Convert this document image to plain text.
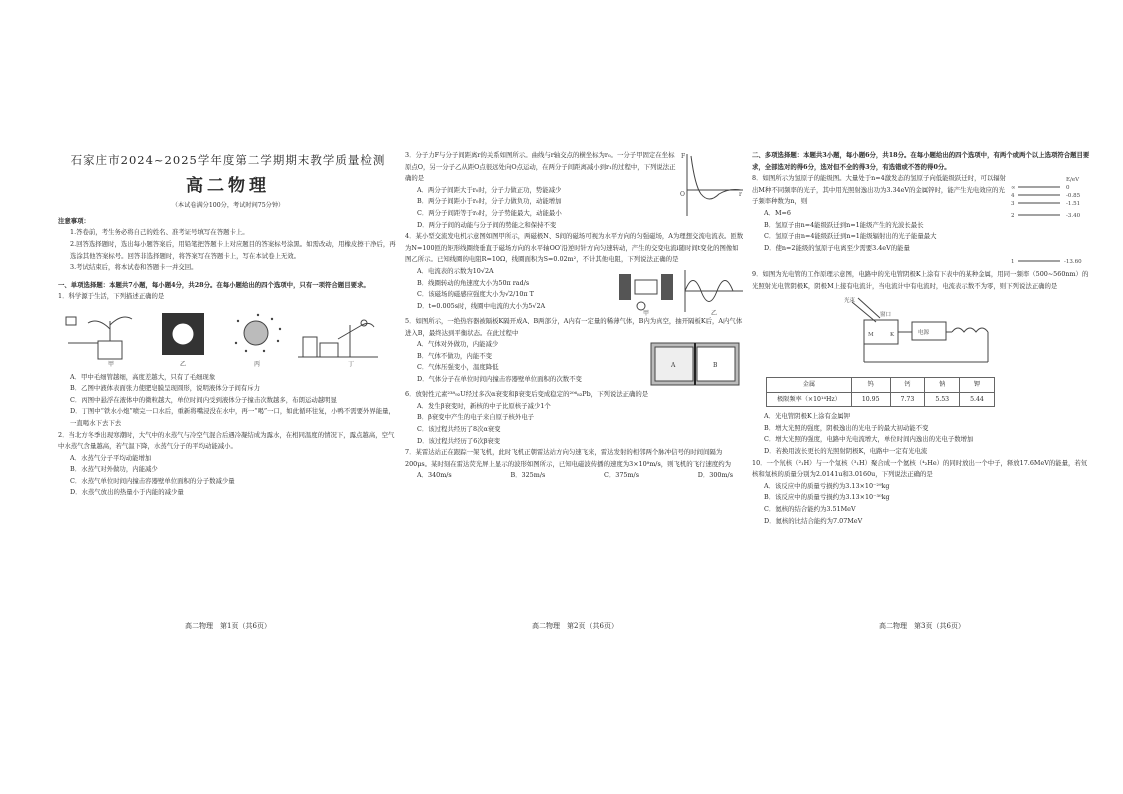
石家庄市2024~2025学年度第二学期期末教学质量检测
高二物理
（本试卷满分100分，考试时间75分钟）
注意事项：
1.答卷前，考生务必将自己的姓名、准考证号填写在答题卡上。
2.回答选择题时，选出每小题答案后，用铅笔把答题卡上对应题目的答案标号涂黑。如需改动，用橡皮擦干净后，再选涂其他答案标号。回答非选择题时，将答案写在答题卡上，写在本试卷上无效。
3.考试结束后，将本试卷和答题卡一并交回。
一、单项选择题：本题共7小题，每小题4分，共28分。在每小题给出的四个选项中，只有一项符合题目要求。
1．科学源于生活，下列描述正确的是
甲	乙	丙	丁
A．甲中毛细管越细，高度差越大，只有了毛细现象
B．乙图中液体表面张力使肥皂膜呈现圆形，说明液体分子间有斥力
C．丙图中悬浮在液体中的微粒越大，单位时间内受到液体分子撞击次数越多，布朗运动越明显
D．丁图中“铁水小炮”喷完一口水后，重新将嘴浸没在水中，再一“喝”一口，如此循环往复，小鸭不需要外界能量，一直喝水下去下去
2．当北方冬季出现寒潮时，大气中的水蒸气与冷空气混合后遇冷凝结成为露水，在相同温度的情况下，露点越高，空气中水蒸气含量越高，若气温下降，水蒸气分子的平均动能减小。
A．水蒸气分子平均动能增加
B．水蒸气对外做功，内能减少
C．水蒸气单位时间内撞击容器壁单位面积的分子数减少量
D．水蒸气放出的热量小于内能的减少量
高二物理　第1页（共6页）
3．分子力F与分子间距离r的关系如图所示。曲线与r轴交点的横坐标为r₀。一分子甲固定在坐标原点O，另一分子乙从距O点很远处向O点运动，在两分子间距离减小到r₁的过程中，下列说法正确的是
A．两分子间距大于r₀时，分子力做正功，势能减少
B．两分子间距小于r₀时，分子力做负功，动能增加
C．两分子间距等于r₀时，分子势能最大，动能最小
D．两分子间的动能与分子间的势能之和保持不变
F
O	r
4．某小型交流发电机示意图如图甲所示，两磁极N、S间的磁场可视为水平方向的匀强磁场，A为理想交流电流表。匝数为N=100匝的矩形线圈绕垂直于磁场方向的水平轴OO′沿逆时针方向匀速转动，产生的交变电流i随时间t变化的图像如图乙所示。已知线圈的电阻R=10Ω，线圈面积为S=0.02m²，不计其他电阻，下列说法正确的是
A．电流表的示数为10√2A
B．线圈转动的角速度大小为50π rad/s
C．该磁场的磁感应强度大小为√2/10π T
D．t=0.005s时，线圈中电流的大小为5√2A
甲	乙
5．如图所示，一绝热容器被隔板K隔开成A、B两部分，A内有一定量的稀薄气体，B内为真空，抽开隔板K后，A内气体进入B，最终达到平衡状态。在此过程中
A．气体对外做功，内能减少
B．气体不做功，内能不变
C．气体压强变小，温度降低
D．气体分子在单位时间内撞击容器壁单位面积的次数不变
A	B
6．放射性元素²³⁸₉₂U经过多次α衰变和β衰变后变成稳定的²⁰⁶₈₂Pb，下列说法正确的是
A．发生β衰变时，新核的中子比原核子减少1个
B．β衰变中产生的电子来自原子核外电子
C．该过程共经历了8次α衰变
D．该过程共经历了6次β衰变
7．某雷达站正在跟踪一架飞机，此时飞机正朝雷达站方向匀速飞来，雷达发射的相邻两个脉冲信号的时间间隔为200μs。某时刻在雷达荧光屏上显示的波形如图所示，已知电磁波传播的速度为3×10⁸m/s，则飞机的飞行速度约为
A．340m/s	B．325m/s	C．375m/s	D．300m/s
高二物理　第2页（共6页）
二、多项选择题：本题共3小题，每小题6分，共18分。在每小题给出的四个选项中，有两个或两个以上选项符合题目要求，全部选对的得6分，选对但不全的得3分，有选错或不答的得0分。
8．如图所示为氢原子的能级图。大量处于n=4激发态的氢原子向低能级跃迁时，可以辐射出M种不同频率的光子，其中用光照射逸出功为3.34eV的金属锌时，能产生光电效应的光子频率种数为n，则
A．M=6
B．氢原子由n=4能级跃迁到n=1能级产生的光波长最长
C．氢原子由n=4能级跃迁到n=1能级辐射出的光子能量最大
D．使n=2能级的氢原子电离至少需要3.4eV的能量
E/eV
∞	0
4	-0.85
3	-1.51
2	-3.40
1	-13.60
9．如图为光电管的工作原理示意图，电路中的光电管阴极K上涂有下表中的某种金属，用同一频率（500~560nm）的光照射光电管阴极K，阴极M上接有电流计，当电流计中有电流时，电流表示数不为零，则下列说法正确的是
光束
窗口
M	K	电源
金属	钨	钙	钠	钾
极限频率（×10¹⁴Hz）	10.95	7.73	5.53	5.44
A．光电管阴极K上涂有金属钾
B．增大光照的强度，阴极逸出的光电子的最大初动能不变
C．增大光照的强度，电路中光电流增大，单位时间内逸出的光电子数增加
D．若换用波长更长的光照射阴极K，电路中一定有光电流
10．一个氘核（²₁H）与一个氚核（³₁H）聚合成一个氦核（⁴₂He）的同时放出一个中子，释放17.6MeV的能量，若氘核和氚核的质量分别为2.0141u和3.0160u，下列说法正确的是
A．该反应中的质量亏损约为3.13×10⁻²⁹kg
B．该反应中的质量亏损约为3.13×10⁻³⁰kg
C．氦核的结合能约为3.51MeV
D．氦核的比结合能约为7.07MeV
高二物理　第3页（共6页）
